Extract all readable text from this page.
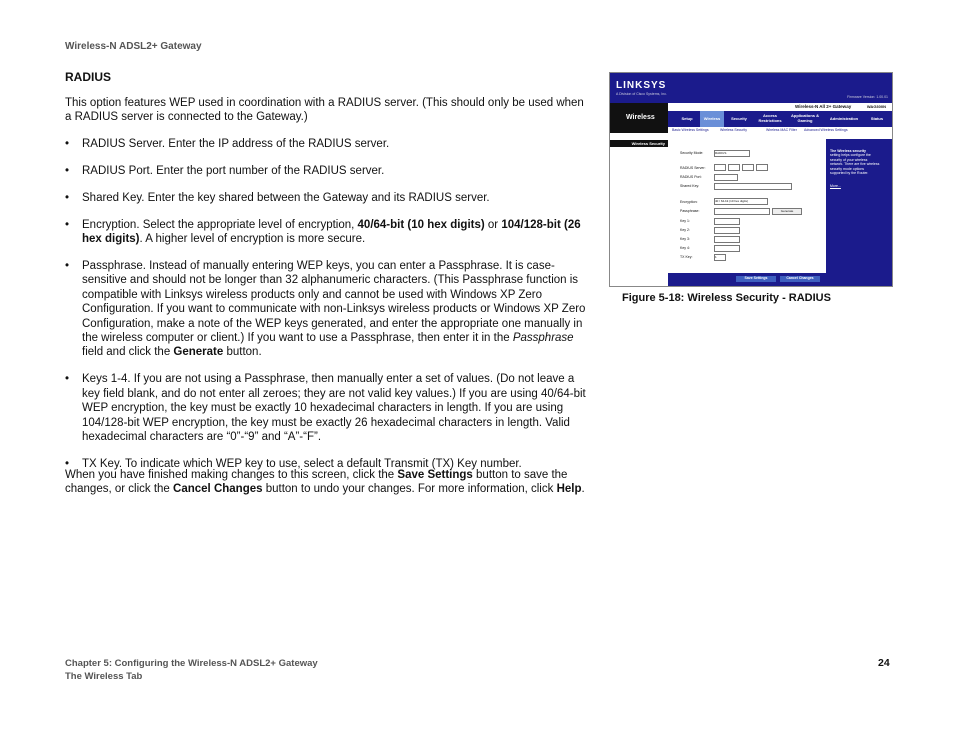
Wireless-N ADSL2+ Gateway
RADIUS
This option features WEP used in coordination with a RADIUS server. (This should only be used when a RADIUS server is connected to the Gateway.)
• RADIUS Server. Enter the IP address of the RADIUS server.
• RADIUS Port. Enter the port number of the RADIUS server.
• Shared Key. Enter the key shared between the Gateway and its RADIUS server.
• Encryption. Select the appropriate level of encryption, 40/64-bit (10 hex digits) or 104/128-bit (26 hex digits). A higher level of encryption is more secure.
• Passphrase. Instead of manually entering WEP keys, you can enter a Passphrase. It is case-sensitive and should not be longer than 32 alphanumeric characters. (This Passphrase function is compatible with Linksys wireless products only and cannot be used with Windows XP Zero Configuration. If you want to communicate with non-Linksys wireless products or Windows XP Zero Configuration, make a note of the WEP keys generated, and enter the appropriate one manually in the wireless computer or client.) If you want to use a Passphrase, then enter it in the Passphrase field and click the Generate button.
• Keys 1-4. If you are not using a Passphrase, then manually enter a set of values. (Do not leave a key field blank, and do not enter all zeroes; they are not valid key values.) If you are using 40/64-bit WEP encryption, the key must be exactly 10 hexadecimal characters in length. If you are using 104/128-bit WEP encryption, the key must be exactly 26 hexadecimal characters in length. Valid hexadecimal characters are “0”-“9” and “A”-“F”.
• TX Key. To indicate which WEP key to use, select a default Transmit (TX) Key number.
When you have finished making changes to this screen, click the Save Settings button to save the changes, or click the Cancel Changes button to undo your changes. For more information, click Help.
LINKSYS
A Division of Cisco Systems, Inc.
Firmware Version: 1.00.01
Wireless
Wireless Security
Wireless-N All 2+ Gateway	WAG300N
Setup	Wireless	Security
Access Restrictions
Applications & Gaming	Administration	Status
Basic Wireless Settings	Wireless Security	Wireless MAC Filter Advanced Wireless Settings
Security Mode:	RADIUS
RADIUS Server:
RADIUS Port:
Shared Key:
Encryption:	40 / 64-bit (10 hex digits)
Passphrase:	Generate
Key 1:
Key 2:
Key 3:
Key 4:
TX Key:	1
The Wireless security
setting helps configure the security of your wireless network. There are five wireless security mode options supported by the Router.
More...
Save Settings	Cancel Changes
Figure 5-18: Wireless Security - RADIUS
Chapter 5: Configuring the Wireless-N ADSL2+ Gateway
The Wireless Tab
24
